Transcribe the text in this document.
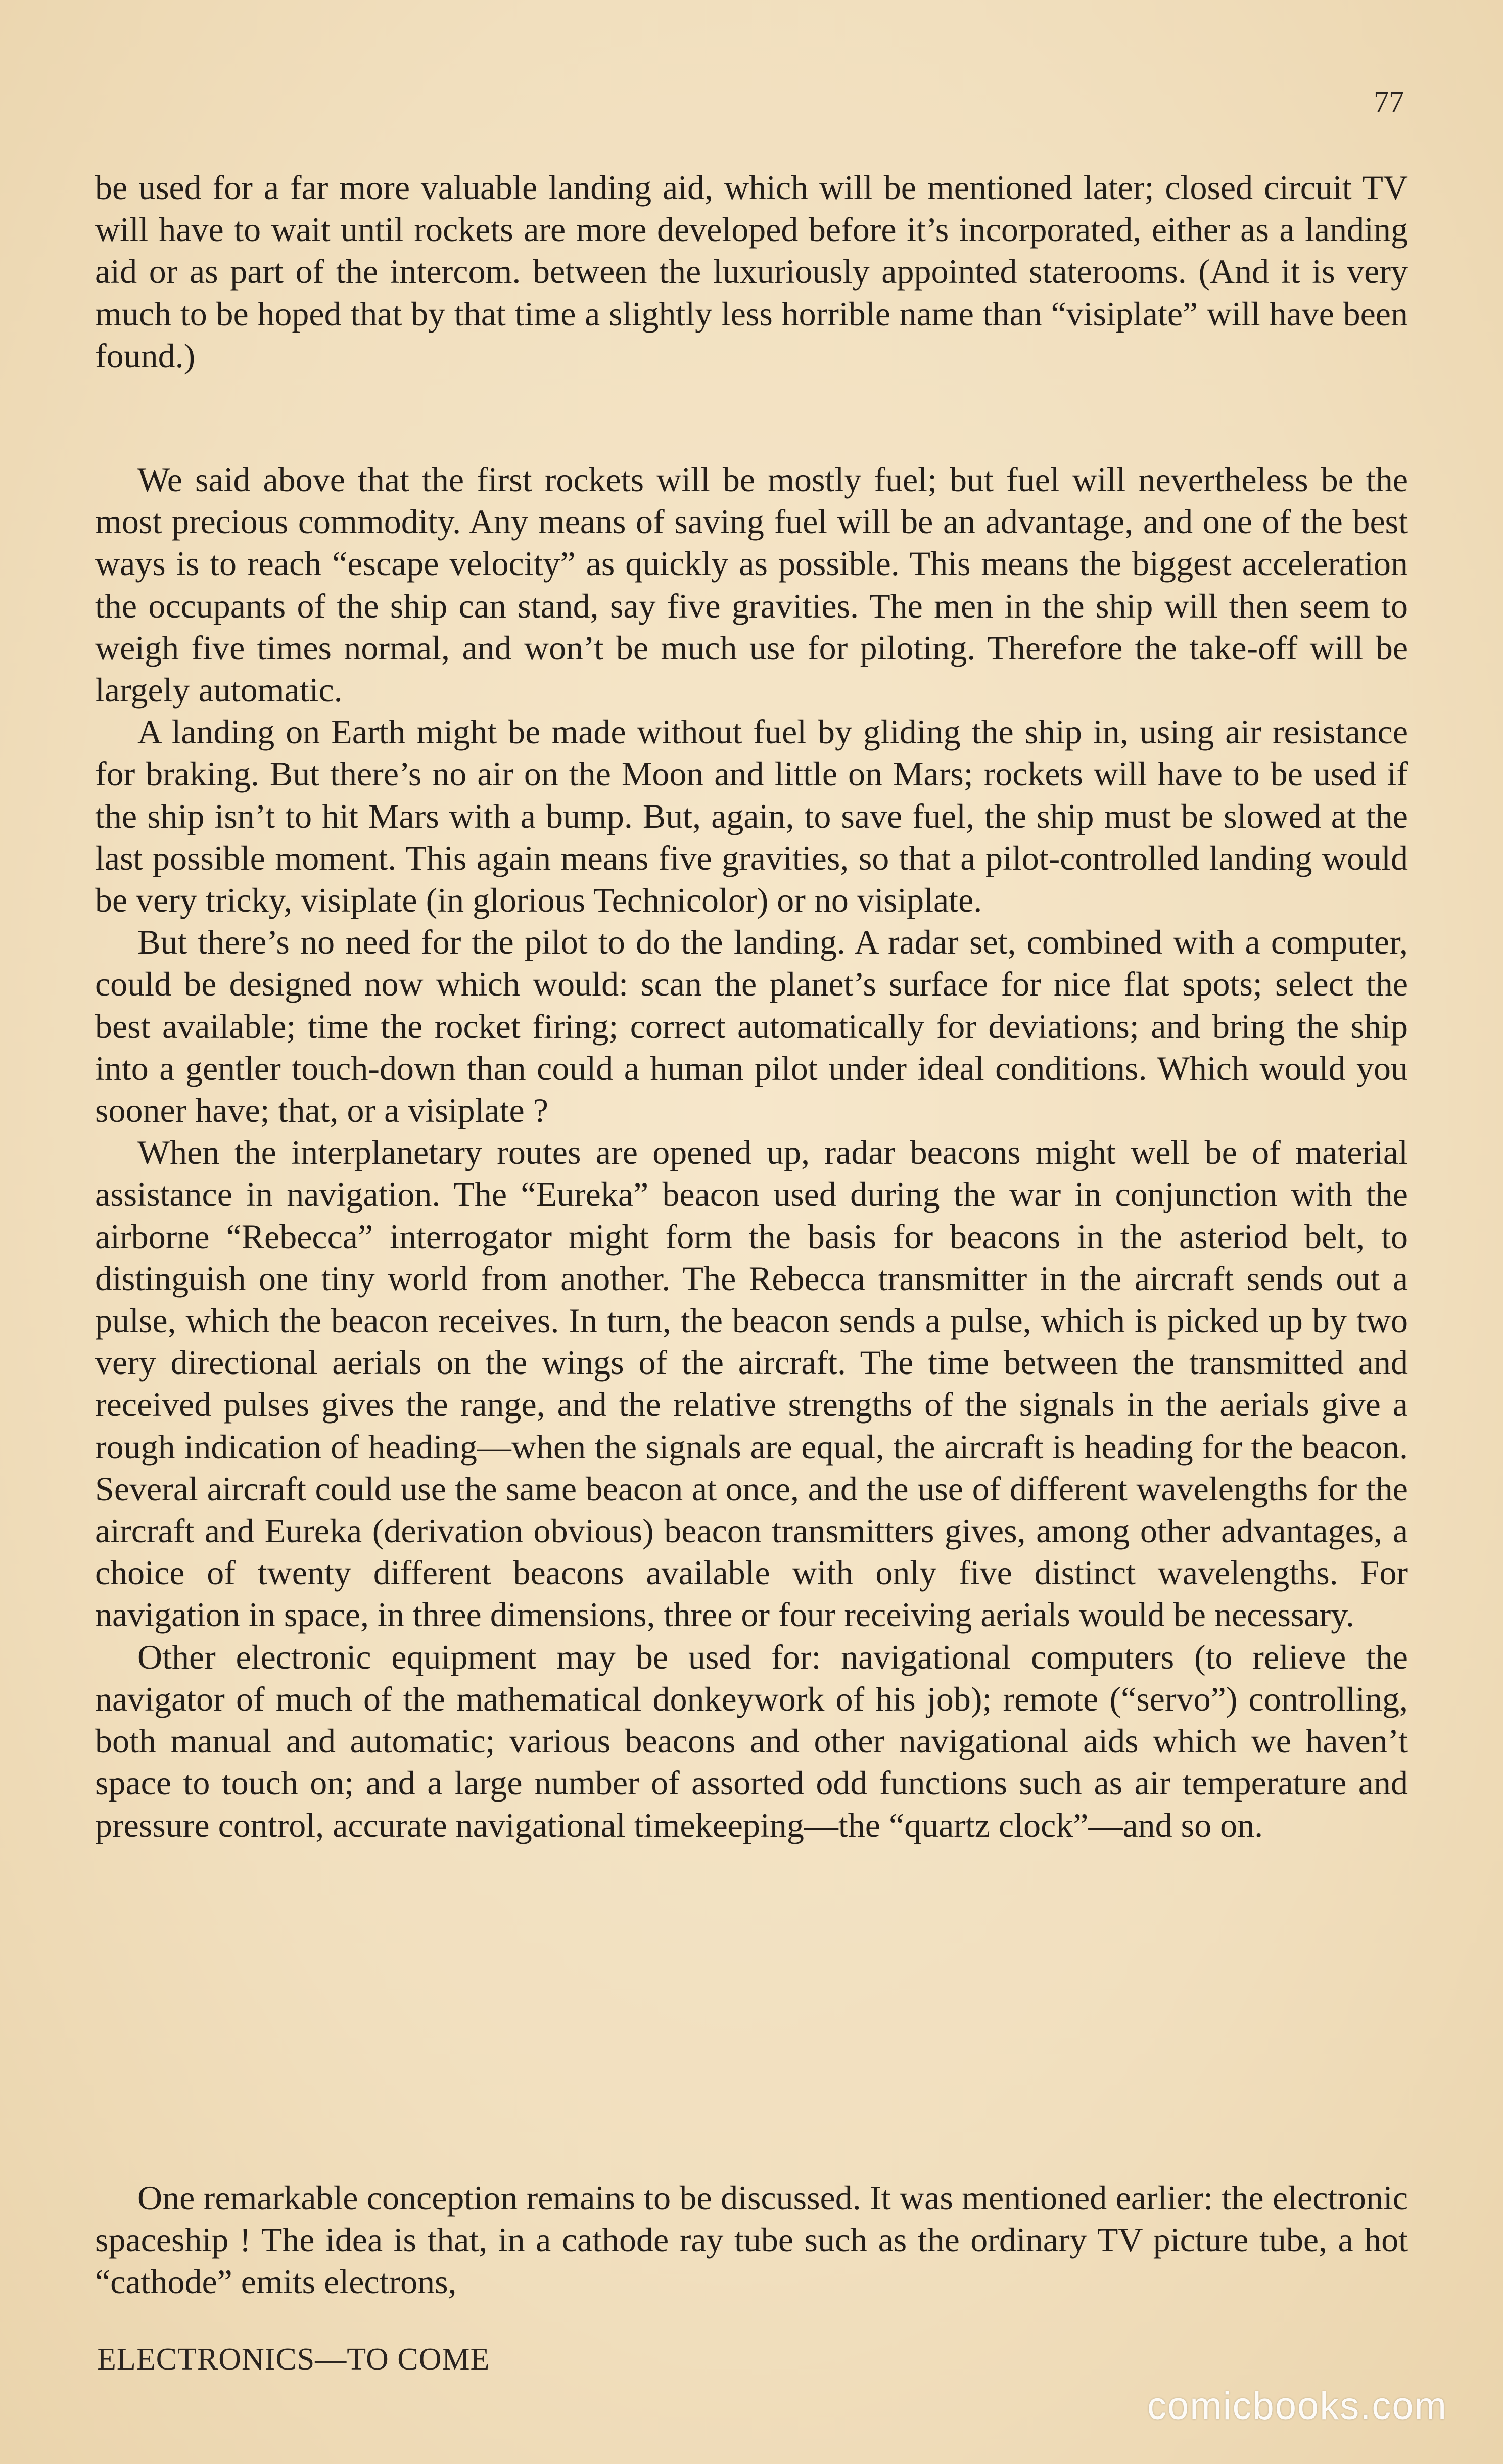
77

be used for a far more valuable landing aid, which will be mentioned later; closed circuit TV will have to wait until rockets are more developed before it’s incorporated, either as a landing aid or as part of the intercom. between the luxuriously appointed staterooms. (And it is very much to be hoped that by that time a slightly less horrible name than “visiplate” will have been found.)

We said above that the first rockets will be mostly fuel; but fuel will nevertheless be the most precious commodity. Any means of saving fuel will be an advantage, and one of the best ways is to reach “escape velocity” as quickly as possible. This means the biggest acceleration the occupants of the ship can stand, say five gravities. The men in the ship will then seem to weigh five times normal, and won’t be much use for piloting. Therefore the take-off will be largely automatic.

A landing on Earth might be made without fuel by gliding the ship in, using air resistance for braking. But there’s no air on the Moon and little on Mars; rockets will have to be used if the ship isn’t to hit Mars with a bump. But, again, to save fuel, the ship must be slowed at the last possible moment. This again means five gravities, so that a pilot-controlled landing would be very tricky, visiplate (in glorious Technicolor) or no visiplate.

But there’s no need for the pilot to do the landing. A radar set, combined with a computer, could be designed now which would: scan the planet’s surface for nice flat spots; select the best available; time the rocket firing; correct automatically for deviations; and bring the ship into a gentler touch-down than could a human pilot under ideal conditions. Which would you sooner have; that, or a visiplate ?

When the interplanetary routes are opened up, radar beacons might well be of material assistance in navigation. The “Eureka” beacon used during the war in conjunction with the airborne “Rebecca” interrogator might form the basis for beacons in the asteriod belt, to distinguish one tiny world from another. The Rebecca transmitter in the aircraft sends out a pulse, which the beacon receives. In turn, the beacon sends a pulse, which is picked up by two very directional aerials on the wings of the aircraft. The time between the transmitted and received pulses gives the range, and the relative strengths of the signals in the aerials give a rough indication of heading—when the signals are equal, the aircraft is heading for the beacon. Several aircraft could use the same beacon at once, and the use of different wavelengths for the aircraft and Eureka (derivation obvious) beacon transmitters gives, among other advantages, a choice of twenty different beacons available with only five distinct wavelengths. For navigation in space, in three dimensions, three or four receiving aerials would be necessary.

Other electronic equipment may be used for: navigational computers (to relieve the navigator of much of the mathematical donkeywork of his job); remote (“servo”) controlling, both manual and automatic; various beacons and other navigational aids which we haven’t space to touch on; and a large number of assorted odd functions such as air temperature and pressure control, accurate navigational timekeeping—the “quartz clock”—and so on.

One remarkable conception remains to be discussed. It was mentioned earlier: the electronic spaceship ! The idea is that, in a cathode ray tube such as the ordinary TV picture tube, a hot “cathode” emits electrons,

ELECTRONICS—TO COME
comicbooks.com
